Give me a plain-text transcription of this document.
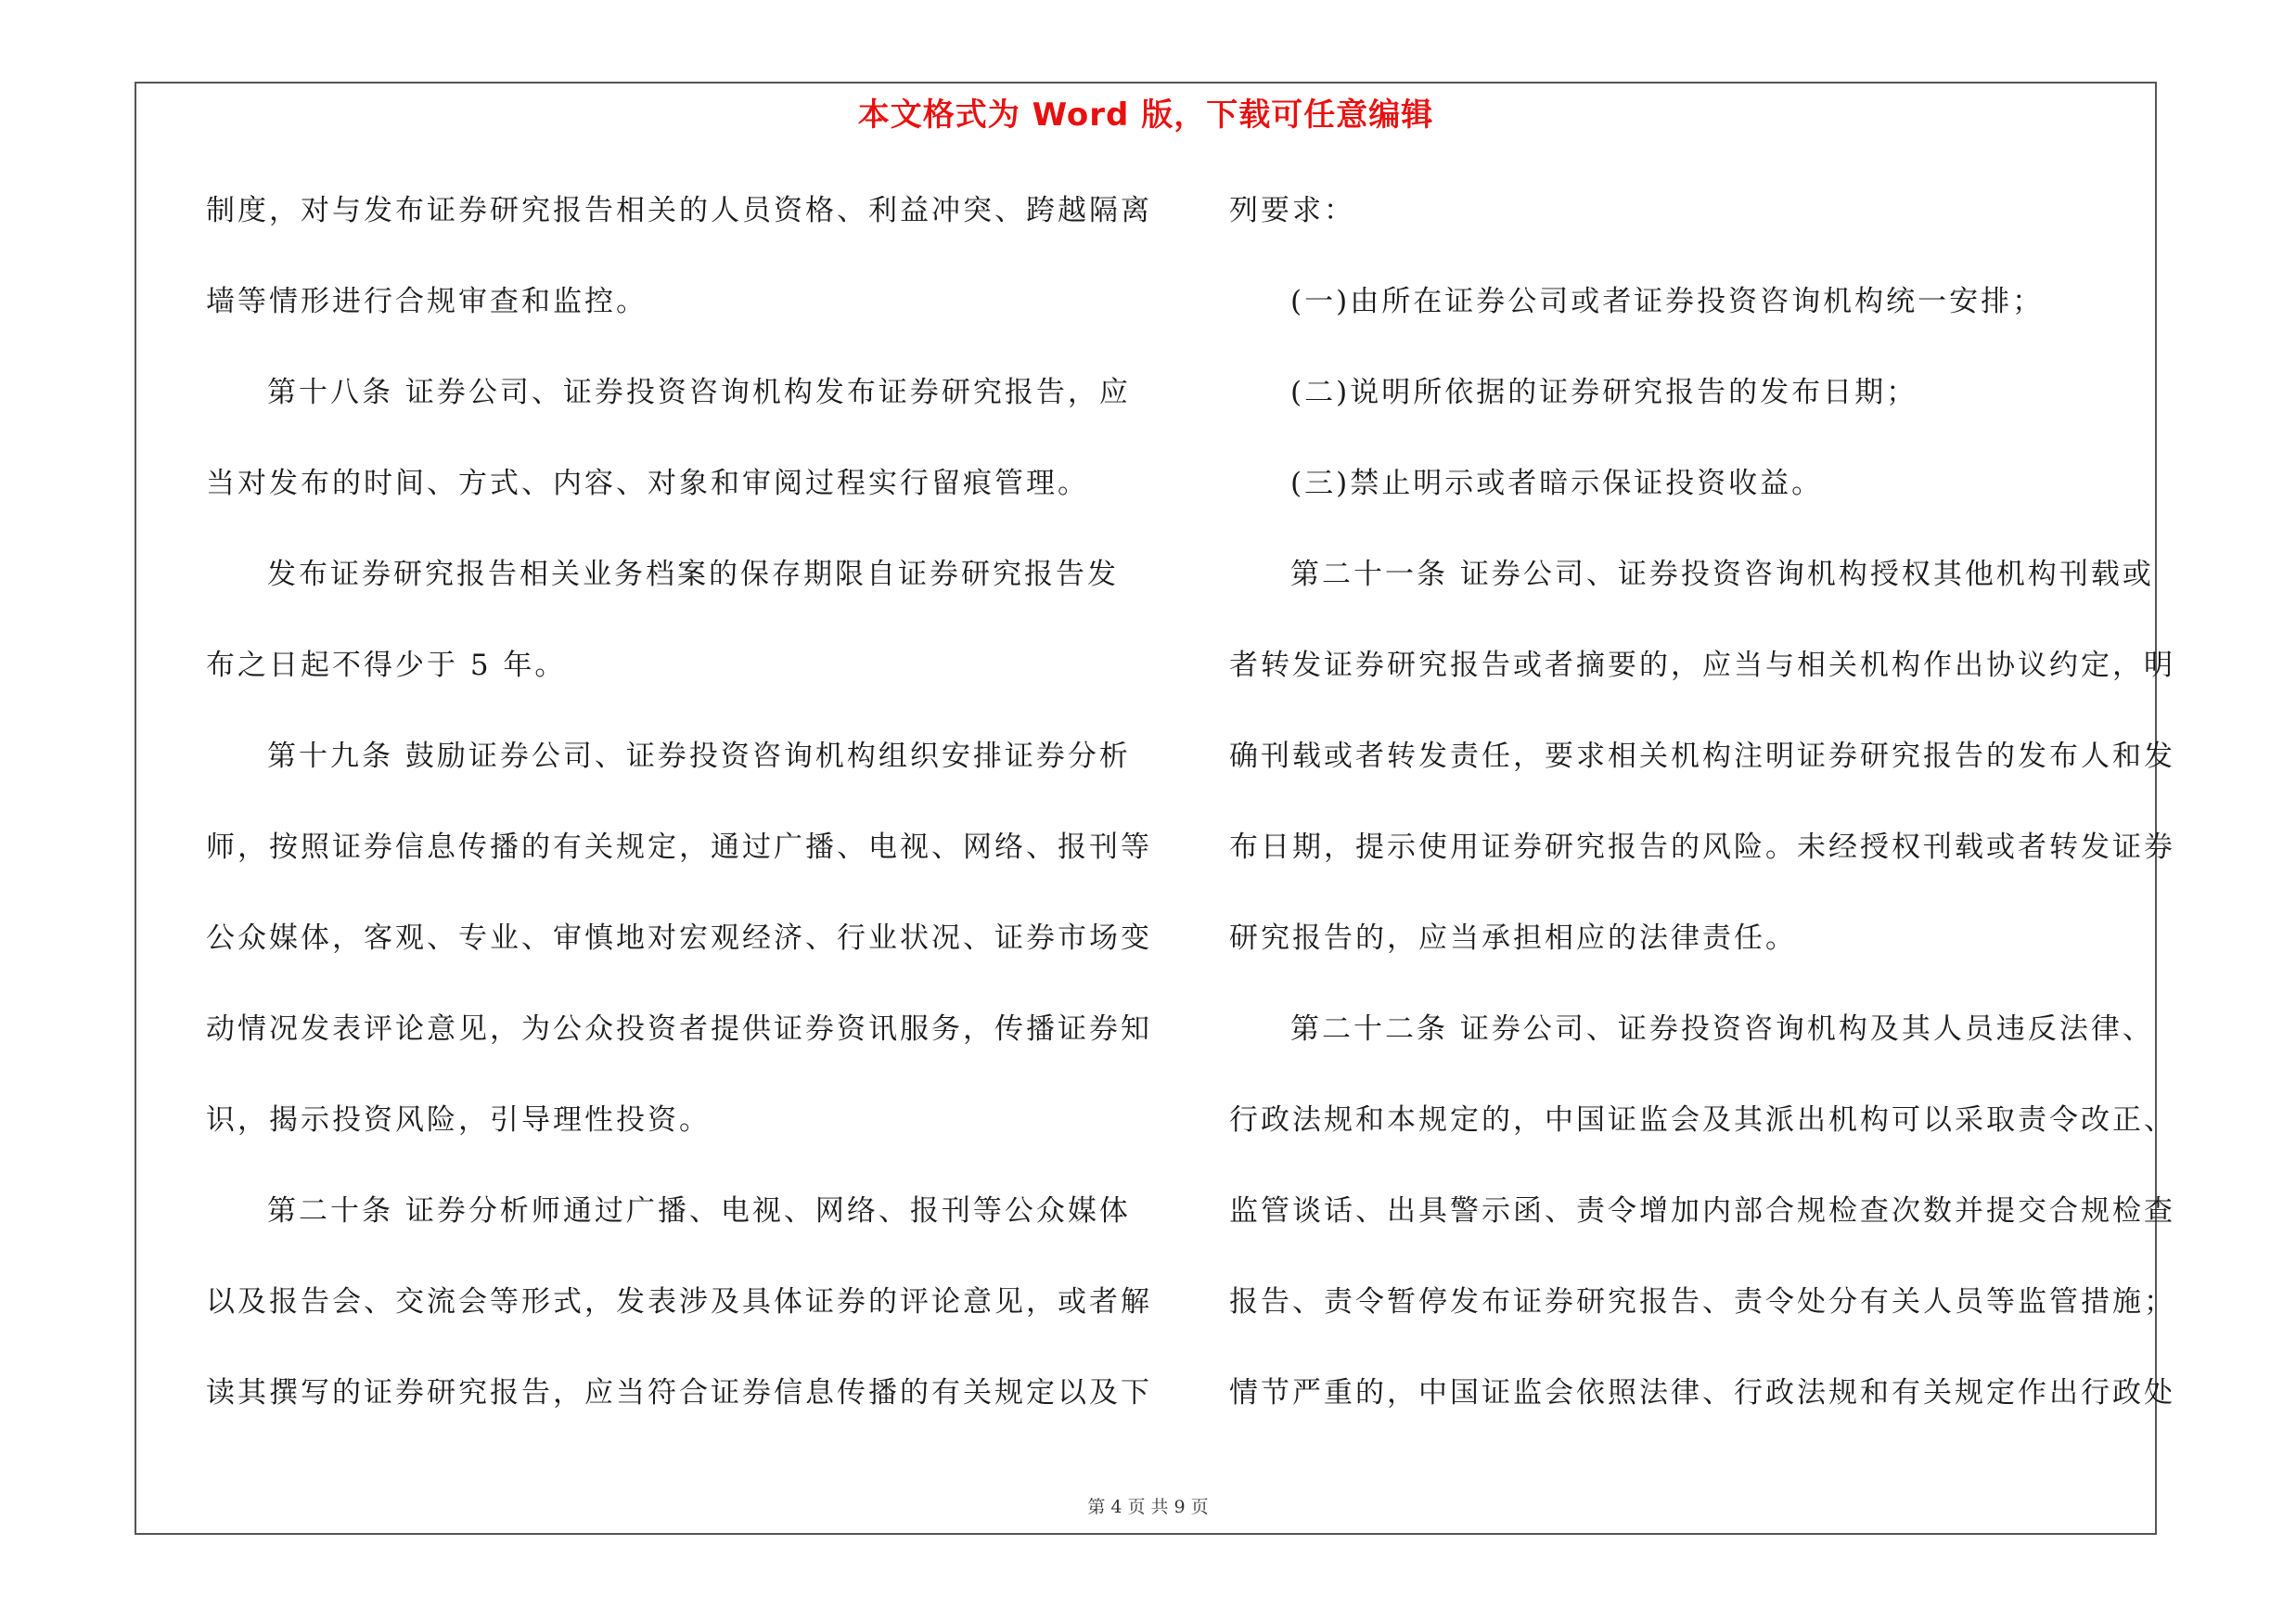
本文格式为 Word 版，下载可任意编辑
制度，对与发布证券研究报告相关的人员资格、利益冲突、跨越隔离
墙等情形进行合规审查和监控。
第十八条 证券公司、证券投资咨询机构发布证券研究报告，应
当对发布的时间、方式、内容、对象和审阅过程实行留痕管理。
发布证券研究报告相关业务档案的保存期限自证券研究报告发
布之日起不得少于 5 年。
第十九条 鼓励证券公司、证券投资咨询机构组织安排证券分析
师，按照证券信息传播的有关规定，通过广播、电视、网络、报刊等
公众媒体，客观、专业、审慎地对宏观经济、行业状况、证券市场变
动情况发表评论意见，为公众投资者提供证券资讯服务，传播证券知
识，揭示投资风险，引导理性投资。
第二十条 证券分析师通过广播、电视、网络、报刊等公众媒体
以及报告会、交流会等形式，发表涉及具体证券的评论意见，或者解
读其撰写的证券研究报告，应当符合证券信息传播的有关规定以及下
列要求：
(一)由所在证券公司或者证券投资咨询机构统一安排；
(二)说明所依据的证券研究报告的发布日期；
(三)禁止明示或者暗示保证投资收益。
第二十一条 证券公司、证券投资咨询机构授权其他机构刊载或
者转发证券研究报告或者摘要的，应当与相关机构作出协议约定，明
确刊载或者转发责任，要求相关机构注明证券研究报告的发布人和发
布日期，提示使用证券研究报告的风险。未经授权刊载或者转发证券
研究报告的，应当承担相应的法律责任。
第二十二条 证券公司、证券投资咨询机构及其人员违反法律、
行政法规和本规定的，中国证监会及其派出机构可以采取责令改正、
监管谈话、出具警示函、责令增加内部合规检查次数并提交合规检查
报告、责令暂停发布证券研究报告、责令处分有关人员等监管措施；
情节严重的，中国证监会依照法律、行政法规和有关规定作出行政处
第 4 页 共 9 页
